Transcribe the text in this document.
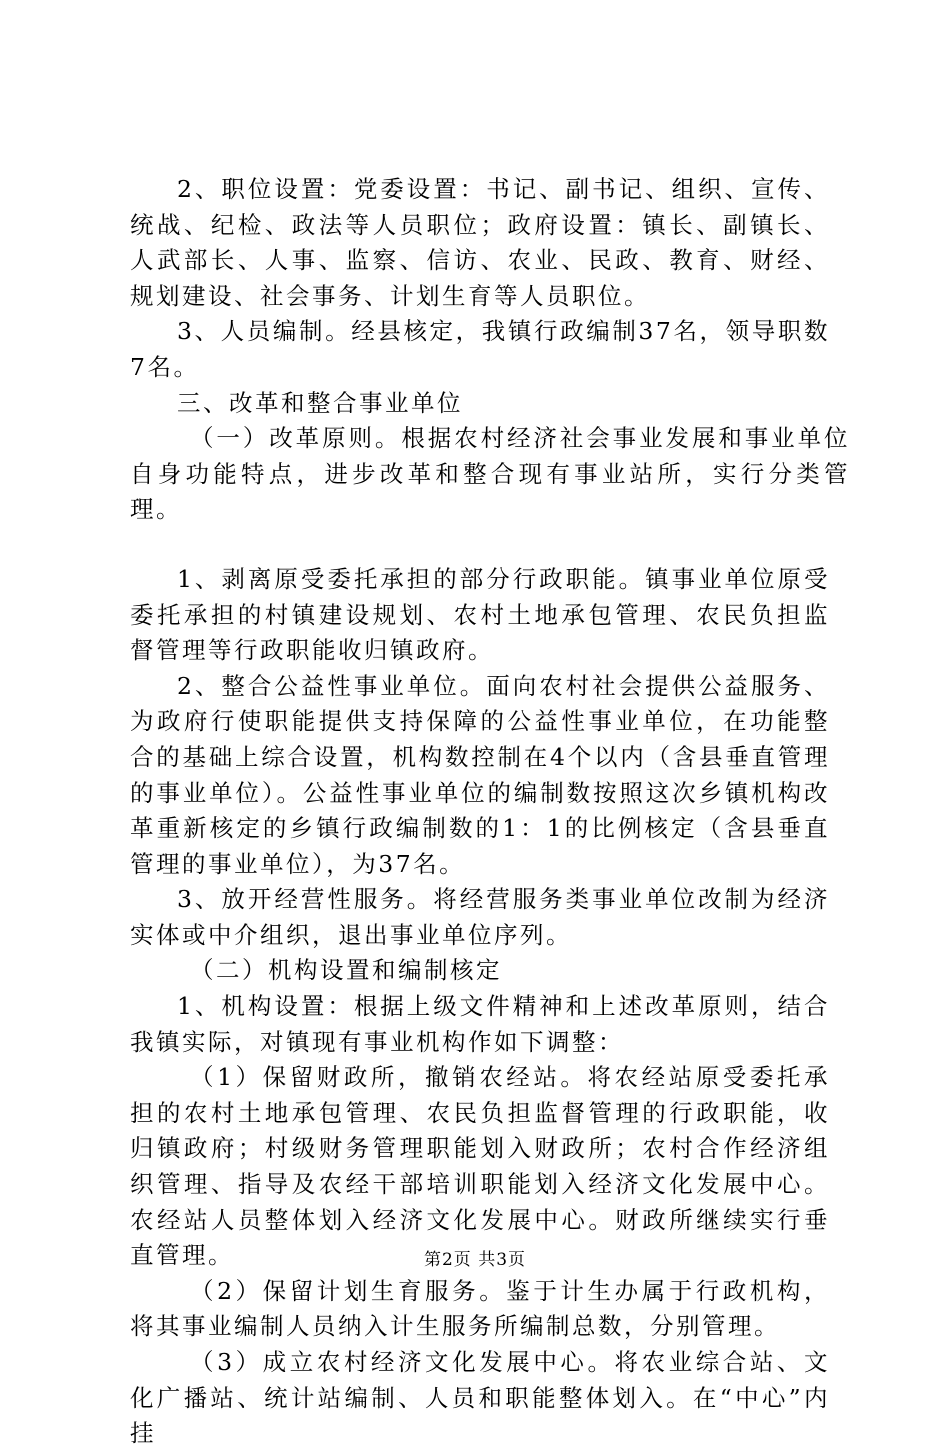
2、职位设置：党委设置：书记、副书记、组织、宣传、统战、纪检、政法等人员职位；政府设置：镇长、副镇长、人武部长、人事、监察、信访、农业、民政、教育、财经、规划建设、社会事务、计划生育等人员职位。

3、人员编制。经县核定，我镇行政编制37名，领导职数7名。

三、改革和整合事业单位

（一）改革原则。根据农村经济社会事业发展和事业单位自身功能特点，进步改革和整合现有事业站所，实行分类管理。

1、剥离原受委托承担的部分行政职能。镇事业单位原受委托承担的村镇建设规划、农村土地承包管理、农民负担监督管理等行政职能收归镇政府。

2、整合公益性事业单位。面向农村社会提供公益服务、为政府行使职能提供支持保障的公益性事业单位，在功能整合的基础上综合设置，机构数控制在4个以内（含县垂直管理的事业单位）。公益性事业单位的编制数按照这次乡镇机构改革重新核定的乡镇行政编制数的1：1的比例核定（含县垂直管理的事业单位），为37名。

3、放开经营性服务。将经营服务类事业单位改制为经济实体或中介组织，退出事业单位序列。

（二）机构设置和编制核定

1、机构设置：根据上级文件精神和上述改革原则，结合我镇实际，对镇现有事业机构作如下调整：

（1）保留财政所，撤销农经站。将农经站原受委托承担的农村土地承包管理、农民负担监督管理的行政职能，收归镇政府；村级财务管理职能划入财政所；农村合作经济组织管理、指导及农经干部培训职能划入经济文化发展中心。农经站人员整体划入经济文化发展中心。财政所继续实行垂直管理。

（2）保留计划生育服务。鉴于计生办属于行政机构，将其事业编制人员纳入计生服务所编制总数，分别管理。

（3）成立农村经济文化发展中心。将农业综合站、文化广播站、统计站编制、人员和职能整体划入。在“中心”内挂

第2页 共3页
